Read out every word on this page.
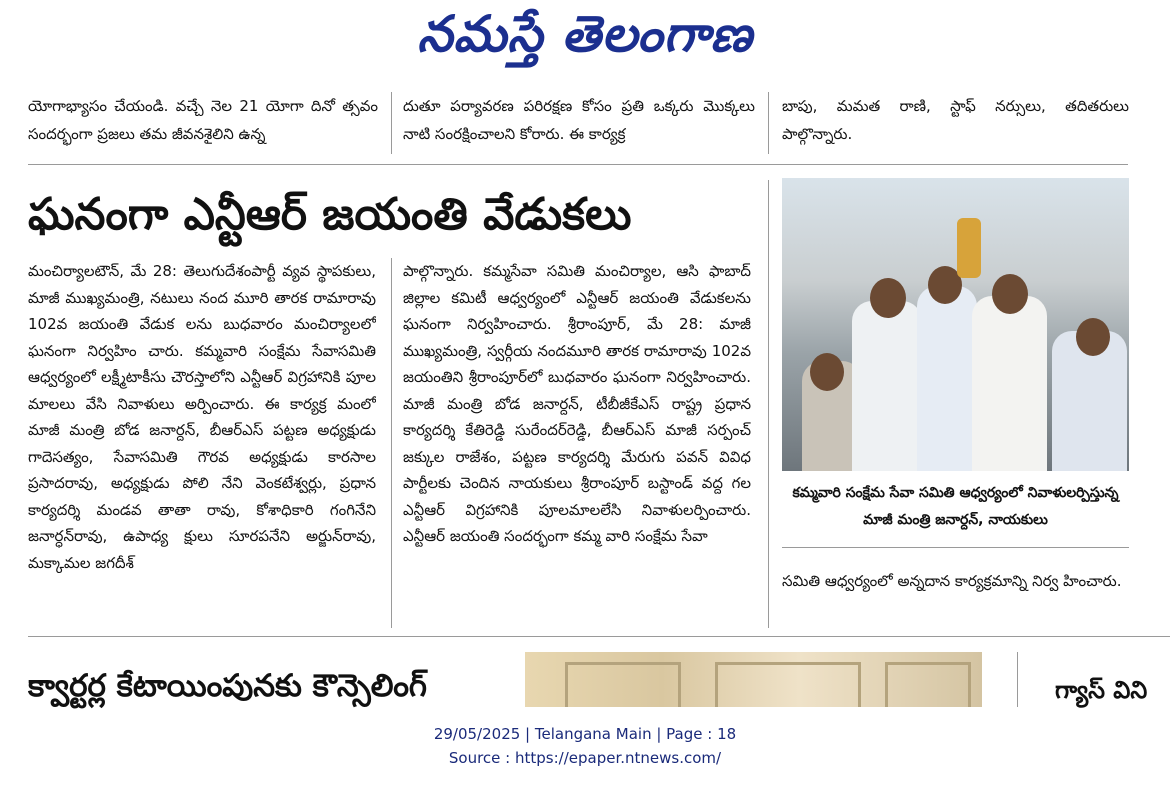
నమస్తే తెలంగాణ
యోగాభ్యాసం చేయండి. వచ్చే నెల 21 యోగా దినో త్సవం సందర్భంగా ప్రజలు తమ జీవనశైలిని ఉన్న
దుతూ పర్యావరణ పరిరక్షణ కోసం ప్రతి ఒక్కరు మొక్కలు నాటి సంరక్షించాలని కోరారు. ఈ కార్యక్ర
బాపు, మమత రాణి, స్టాఫ్ నర్సులు, తదితరులు పాల్గొన్నారు.
ఘనంగా ఎన్టీఆర్ జయంతి వేడుకలు
మంచిర్యాలటౌన్, మే 28: తెలుగుదేశంపార్టీ వ్యవ స్థాపకులు, మాజీ ముఖ్యమంత్రి, నటులు నంద మూరి తారక రామారావు 102వ జయంతి వేడుక లను బుధవారం మంచిర్యాలలో ఘనంగా నిర్వహిం చారు. కమ్మవారి సంక్షేమ సేవాసమితి ఆధ్వర్యంలో లక్ష్మీటాకీసు చౌరస్తాలోని ఎన్టీఆర్ విగ్రహానికి పూల మాలలు వేసి నివాళులు అర్పించారు. ఈ కార్యక్ర మంలో మాజీ మంత్రి బోడ జనార్దన్, బీఆర్ఎస్ పట్టణ అధ్యక్షుడు గాదెసత్యం, సేవాసమితి గౌరవ అధ్యక్షుడు కారసాల ప్రసాదరావు, అధ్యక్షుడు పోలి నేని వెంకటేశ్వర్లు, ప్రధాన కార్యదర్శి మండవ తాతా రావు, కోశాధికారి గంగినేని జనార్ధన్‌రావు, ఉపాధ్య క్షులు సూరపనేని అర్జున్‌రావు, మక్కామల జగదీశ్
పాల్గొన్నారు. కమ్మసేవా సమితి మంచిర్యాల, ఆసి ఫాబాద్ జిల్లాల కమిటీ ఆధ్వర్యంలో ఎన్టీఆర్ జయంతి వేడుకలను ఘనంగా నిర్వహించారు. శ్రీరాంపూర్, మే 28: మాజీ ముఖ్యమంత్రి, స్వర్గీయ నందమూరి తారక రామారావు 102వ జయంతిని శ్రీరాంపూర్‌లో బుధవారం ఘనంగా నిర్వహించారు. మాజీ మంత్రి బోడ జనార్దన్, టీబీజీకేఎస్ రాష్ట్ర ప్రధాన కార్యదర్శి కేతిరెడ్డి సురేందర్‌రెడ్డి, బీఆర్ఎస్ మాజీ సర్పంచ్ జక్కుల రాజేశం, పట్టణ కార్యదర్శి మేరుగు పవన్ వివిధ పార్టీలకు చెందిన నాయకులు శ్రీరాంపూర్ బస్టాండ్ వద్ద గల ఎన్టీఆర్ విగ్రహానికి పూలమాలలేసి నివాళులర్పించారు. ఎన్టీఆర్ జయంతి సందర్భంగా కమ్మ వారి సంక్షేమ సేవా
కమ్మవారి సంక్షేమ సేవా సమితి ఆధ్వర్యంలో నివాళులర్పిస్తున్న మాజీ మంత్రి జనార్దన్, నాయకులు
సమితి ఆధ్వర్యంలో అన్నదాన కార్యక్రమాన్ని నిర్వ హించారు.
క్వార్టర్ల కేటాయింపునకు కౌన్సెలింగ్	గ్యాస్ విని
29/05/2025 | Telangana Main | Page : 18
Source : https://epaper.ntnews.com/
